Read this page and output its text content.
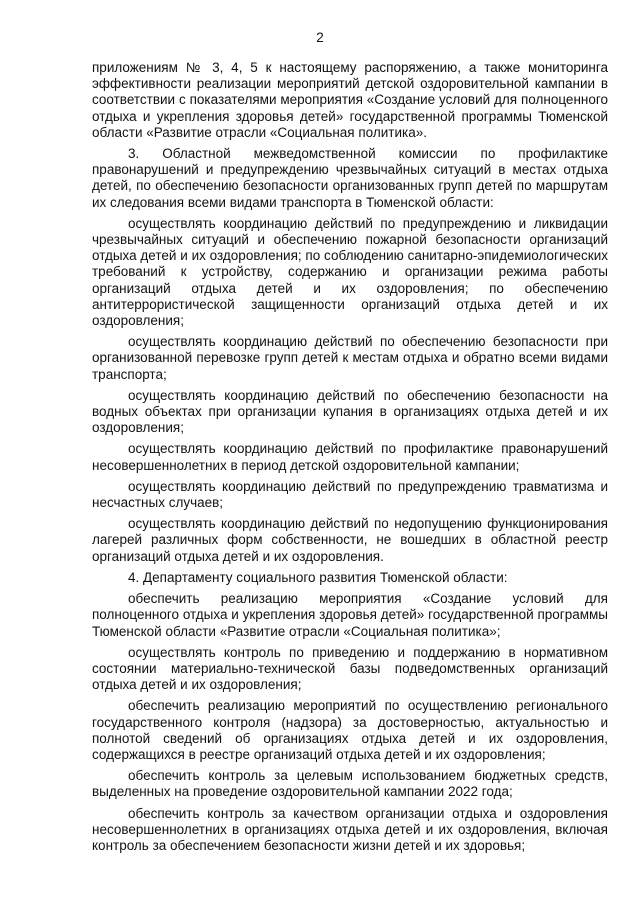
2

приложениям № 3, 4, 5 к настоящему распоряжению, а также мониторинга эффективности реализации мероприятий детской оздоровительной кампании в соответствии с показателями мероприятия «Создание условий для полноценного отдыха и укрепления здоровья детей» государственной программы Тюменской области «Развитие отрасли «Социальная политика».

3. Областной межведомственной комиссии по профилактике правонарушений и предупреждению чрезвычайных ситуаций в местах отдыха детей, по обеспечению безопасности организованных групп детей по маршрутам их следования всеми видами транспорта в Тюменской области:

осуществлять координацию действий по предупреждению и ликвидации чрезвычайных ситуаций и обеспечению пожарной безопасности организаций отдыха детей и их оздоровления; по соблюдению санитарно-эпидемиологических требований к устройству, содержанию и организации режима работы организаций отдыха детей и их оздоровления; по обеспечению антитеррористической защищенности организаций отдыха детей и их оздоровления;

осуществлять координацию действий по обеспечению безопасности при организованной перевозке групп детей к местам отдыха и обратно всеми видами транспорта;

осуществлять координацию действий по обеспечению безопасности на водных объектах при организации купания в организациях отдыха детей и их оздоровления;

осуществлять координацию действий по профилактике правонарушений несовершеннолетних в период детской оздоровительной кампании;

осуществлять координацию действий по предупреждению травматизма и несчастных случаев;

осуществлять координацию действий по недопущению функционирования лагерей различных форм собственности, не вошедших в областной реестр организаций отдыха детей и их оздоровления.

4. Департаменту социального развития Тюменской области:

обеспечить реализацию мероприятия «Создание условий для полноценного отдыха и укрепления здоровья детей» государственной программы Тюменской области «Развитие отрасли «Социальная политика»;

осуществлять контроль по приведению и поддержанию в нормативном состоянии материально-технической базы подведомственных организаций отдыха детей и их оздоровления;

обеспечить реализацию мероприятий по осуществлению регионального государственного контроля (надзора) за достоверностью, актуальностью и полнотой сведений об организациях отдыха детей и их оздоровления, содержащихся в реестре организаций отдыха детей и их оздоровления;

обеспечить контроль за целевым использованием бюджетных средств, выделенных на проведение оздоровительной кампании 2022 года;

обеспечить контроль за качеством организации отдыха и оздоровления несовершеннолетних в организациях отдыха детей и их оздоровления, включая контроль за обеспечением безопасности жизни детей и их здоровья;
